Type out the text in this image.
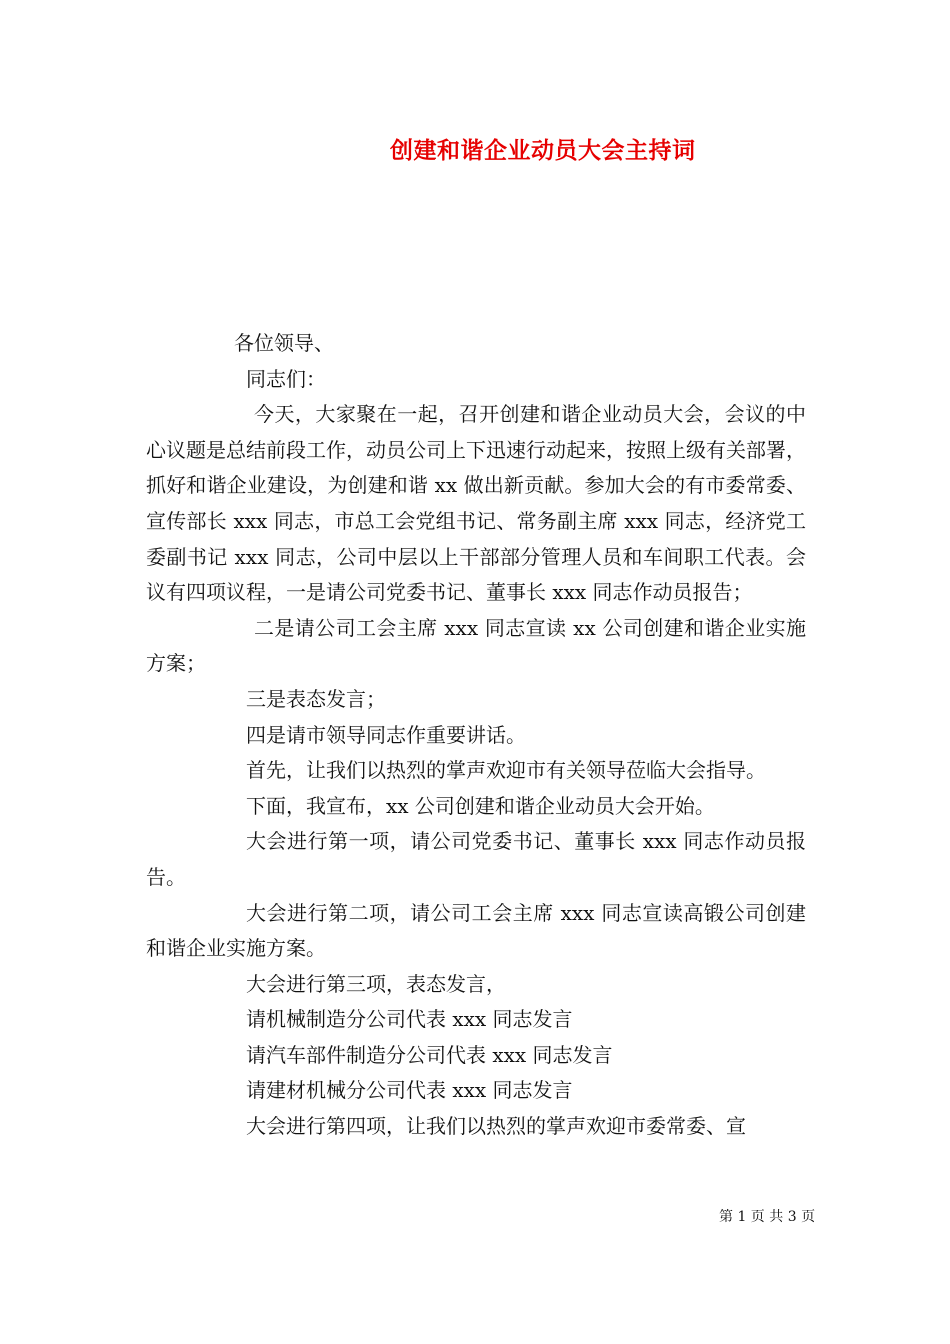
创建和谐企业动员大会主持词

各位领导、

同志们：

今天，大家聚在一起，召开创建和谐企业动员大会，会议的中心议题是总结前段工作，动员公司上下迅速行动起来，按照上级有关部署，抓好和谐企业建设，为创建和谐 xx 做出新贡献。参加大会的有市委常委、宣传部长 xxx 同志，市总工会党组书记、常务副主席 xxx 同志，经济党工委副书记 xxx 同志，公司中层以上干部部分管理人员和车间职工代表。会议有四项议程，一是请公司党委书记、董事长 xxx 同志作动员报告；

二是请公司工会主席 xxx 同志宣读 xx 公司创建和谐企业实施方案；

三是表态发言；

四是请市领导同志作重要讲话。

首先，让我们以热烈的掌声欢迎市有关领导莅临大会指导。

下面，我宣布，xx 公司创建和谐企业动员大会开始。

大会进行第一项，请公司党委书记、董事长 xxx 同志作动员报告。

大会进行第二项，请公司工会主席 xxx 同志宣读高锻公司创建和谐企业实施方案。

大会进行第三项，表态发言，

请机械制造分公司代表 xxx 同志发言

请汽车部件制造分公司代表 xxx 同志发言

请建材机械分公司代表 xxx 同志发言

大会进行第四项，让我们以热烈的掌声欢迎市委常委、宣

第 1 页 共 3 页
